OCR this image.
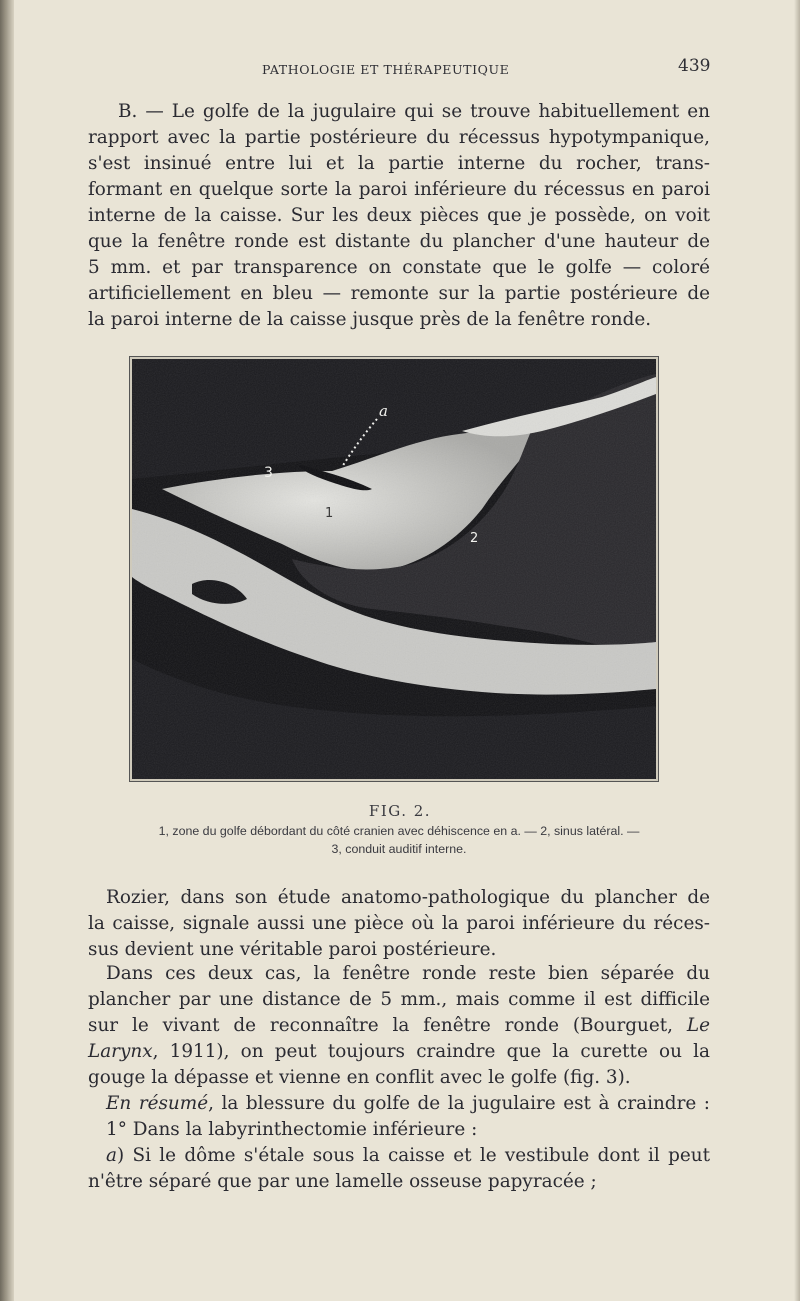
PATHOLOGIE ET THÉRAPEUTIQUE	439

B. — Le golfe de la jugulaire qui se trouve habituellement en
rapport avec la partie postérieure du récessus hypotympanique,
s'est insinué entre lui et la partie interne du rocher, trans-
formant en quelque sorte la paroi inférieure du récessus en paroi
interne de la caisse. Sur les deux pièces que je possède, on voit
que la fenêtre ronde est distante du plancher d'une hauteur de
5 mm. et par transparence on constate que le golfe — coloré
artificiellement en bleu — remonte sur la partie postérieure de
la paroi interne de la caisse jusque près de la fenêtre ronde.

a
3
1
2
FIG. 2.
1, zone du golfe débordant du côté cranien avec déhiscence en a. — 2, sinus latéral. —
3, conduit auditif interne.

Rozier, dans son étude anatomo-pathologique du plancher de
la caisse, signale aussi une pièce où la paroi inférieure du réces-
sus devient une véritable paroi postérieure.

Dans ces deux cas, la fenêtre ronde reste bien séparée du
plancher par une distance de 5 mm., mais comme il est difficile
sur le vivant de reconnaître la fenêtre ronde (Bourguet, Le
Larynx, 1911), on peut toujours craindre que la curette ou la
gouge la dépasse et vienne en conflit avec le golfe (fig. 3).
En résumé, la blessure du golfe de la jugulaire est à craindre :
1° Dans la labyrinthectomie inférieure :
a) Si le dôme s'étale sous la caisse et le vestibule dont il peut
n'être séparé que par une lamelle osseuse papyracée ;
